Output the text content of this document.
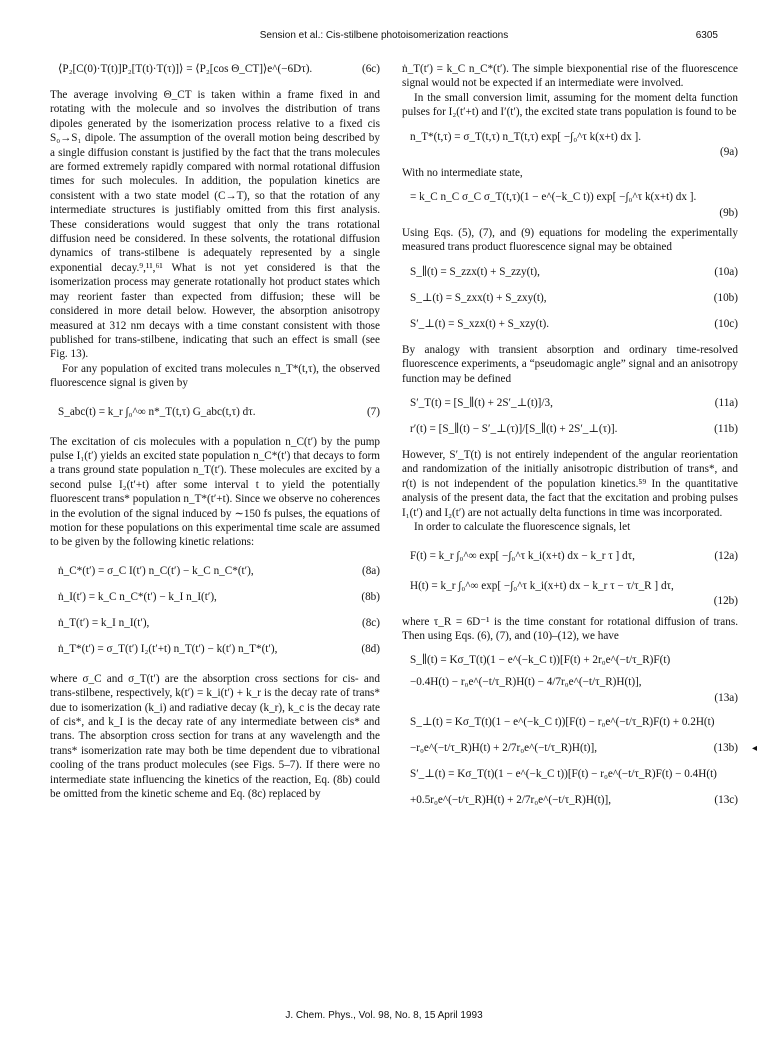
Sension et al.: Cis-stilbene photoisomerization reactions	6305
⟨P₂[C(0)·T(t)]P₂[T(t)·T(τ)]⟩ = ⟨P₂[cos Θ_CT]⟩e^(−6Dτ).	(6c)

The average involving Θ_CT is taken within a frame fixed in and rotating with the molecule and so involves the distribution of trans dipoles generated by the isomerization process relative to a fixed cis S₀→S₁ dipole. The assumption of the overall motion being described by a single diffusion constant is justified by the fact that the trans molecules are formed extremely rapidly compared with normal rotational diffusion times for such molecules. In addition, the population kinetics are consistent with a two state model (C→T), so that the rotation of any intermediate structures is justifiably omitted from this first analysis. These considerations would suggest that only the trans rotational diffusion need be considered. In these solvents, the rotational diffusion dynamics of trans-stilbene is adequately represented by a single exponential decay.⁹,¹¹,⁶¹ What is not yet considered is that the isomerization process may generate rotationally hot product states which may reorient faster than expected from diffusion; these will be considered in more detail below. However, the absorption anisotropy measured at 312 nm decays with a time constant consistent with those published for trans-stilbene, indicating that such an effect is small (see Fig. 13).

For any population of excited trans molecules n_T*(t,τ), the observed fluorescence signal is given by

S_abc(t) = k_r ∫₀^∞ n*_T(t,τ) G_abc(t,τ) dτ.	(7)

The excitation of cis molecules with a population n_C(t′) by the pump pulse I₁(t′) yields an excited state population n_C*(t′) that decays to form a trans ground state population n_T(t′). These molecules are excited by a second pulse I₂(t′+t) after some interval t to yield the potentially fluorescent trans* population n_T*(t′+t). Since we observe no coherences in the evolution of the signal induced by ∼150 fs pulses, the equations of motion for these populations on this experimental time scale are assumed to be given by the following kinetic relations:

ṅ_C*(t′) = σ_C I(t′) n_C(t′) − k_C n_C*(t′),	(8a)
ṅ_I(t′) = k_C n_C*(t′) − k_I n_I(t′),	(8b)
ṅ_T(t′) = k_I n_I(t′),	(8c)
ṅ_T*(t′) = σ_T(t′) I₂(t′+t) n_T(t′) − k(t′) n_T*(t′),	(8d)

where σ_C and σ_T(t′) are the absorption cross sections for cis- and trans-stilbene, respectively, k(t′) = k_i(t′) + k_r is the decay rate of trans* due to isomerization (k_i) and radiative decay (k_r), k_c is the decay rate of cis*, and k_I is the decay rate of any intermediate between cis* and trans. The absorption cross section for trans at any wavelength and the trans* isomerization rate may both be time dependent due to vibrational cooling of the trans product molecules (see Figs. 5–7). If there were no intermediate state influencing the kinetics of the reaction, Eq. (8b) could be omitted from the kinetic scheme and Eq. (8c) replaced by

ṅ_T(t′) = k_C n_C*(t′). The simple biexponential rise of the fluorescence signal would not be expected if an intermediate were involved.

In the small conversion limit, assuming for the moment delta function pulses for I₂(t′+t) and I′(t′), the excited state trans population is found to be

n_T*(t,τ) = σ_T(t,τ) n_T(t,τ) exp[ −∫₀^τ k(x+t) dx ].
(9a)

With no intermediate state,

= k_C n_C σ_C σ_T(t,τ)(1 − e^(−k_C t)) exp[ −∫₀^τ k(x+t) dx ].
(9b)

Using Eqs. (5), (7), and (9) equations for modeling the experimentally measured trans product fluorescence signal may be obtained

S_∥(t) = S_zzx(t) + S_zzy(t),	(10a)
S_⊥(t) = S_zxx(t) + S_zxy(t),	(10b)
S′_⊥(t) = S_xzx(t) + S_xzy(t).	(10c)

By analogy with transient absorption and ordinary time-resolved fluorescence experiments, a “pseudomagic angle” signal and an anisotropy function may be defined

S′_T(t) = [S_∥(t) + 2S′_⊥(t)]/3,	(11a)
r′(t) = [S_∥(t) − S′_⊥(τ)]/[S_∥(t) + 2S′_⊥(τ)].	(11b)

However, S′_T(t) is not entirely independent of the angular reorientation and randomization of the initially anisotropic distribution of trans*, and r(t) is not independent of the population kinetics.⁵⁹ In the quantitative analysis of the present data, the fact that the excitation and probing pulses I₁(t′) and I₂(t′) are not actually delta functions in time was incorporated.

In order to calculate the fluorescence signals, let

F(t) = k_r ∫₀^∞ exp[ −∫₀^τ k_i(x+t) dx − k_r τ ] dτ,	(12a)
H(t) = k_r ∫₀^∞ exp[ −∫₀^τ k_i(x+t) dx − k_r τ − τ/τ_R ] dτ,
(12b)

where τ_R = 6D⁻¹ is the time constant for rotational diffusion of trans. Then using Eqs. (6), (7), and (10)–(12), we have

S_∥(t) = Kσ_T(t)(1 − e^(−k_C t))[F(t) + 2r₀e^(−t/τ_R)F(t)
−0.4H(t) − r₀e^(−t/τ_R)H(t) − 4/7r₀e^(−t/τ_R)H(t)],
(13a)
S_⊥(t) = Kσ_T(t)(1 − e^(−k_C t))[F(t) − r₀e^(−t/τ_R)F(t) + 0.2H(t)
−r₀e^(−t/τ_R)H(t) + 2/7r₀e^(−t/τ_R)H(t)],	(13b)
S′_⊥(t) = Kσ_T(t)(1 − e^(−k_C t))[F(t) − r₀e^(−t/τ_R)F(t) − 0.4H(t)
+0.5r₀e^(−t/τ_R)H(t) + 2/7r₀e^(−t/τ_R)H(t)],	(13c)
◂
J. Chem. Phys., Vol. 98, No. 8, 15 April 1993
